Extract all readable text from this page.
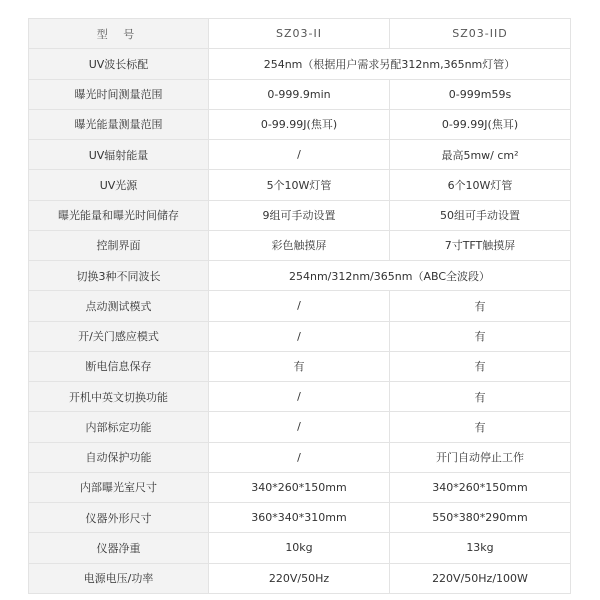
型 号	SZ03-II	SZ03-IID
UV波长标配	254nm（根据用户需求另配312nm,365nm灯管）	
曝光时间测量范围	0-999.9min	0-999m59s
曝光能量测量范围	0-99.99J(焦耳)	0-99.99J(焦耳)
UV辐射能量	/	最高5mw/ cm²
UV光源	5个10W灯管	6个10W灯管
曝光能量和曝光时间储存	9组可手动设置	50组可手动设置
控制界面	彩色触摸屏	7寸TFT触摸屏
切换3种不同波长	254nm/312nm/365nm（ABC全波段）	
点动测试模式	/	有
开/关门感应模式	/	有
断电信息保存	有	有
开机中英文切换功能	/	有
内部标定功能	/	有
自动保护功能	/	开门自动停止工作
内部曝光室尺寸	340*260*150mm	340*260*150mm
仪器外形尺寸	360*340*310mm	550*380*290mm
仪器净重	10kg	13kg
电源电压/功率	220V/50Hz	220V/50Hz/100W
